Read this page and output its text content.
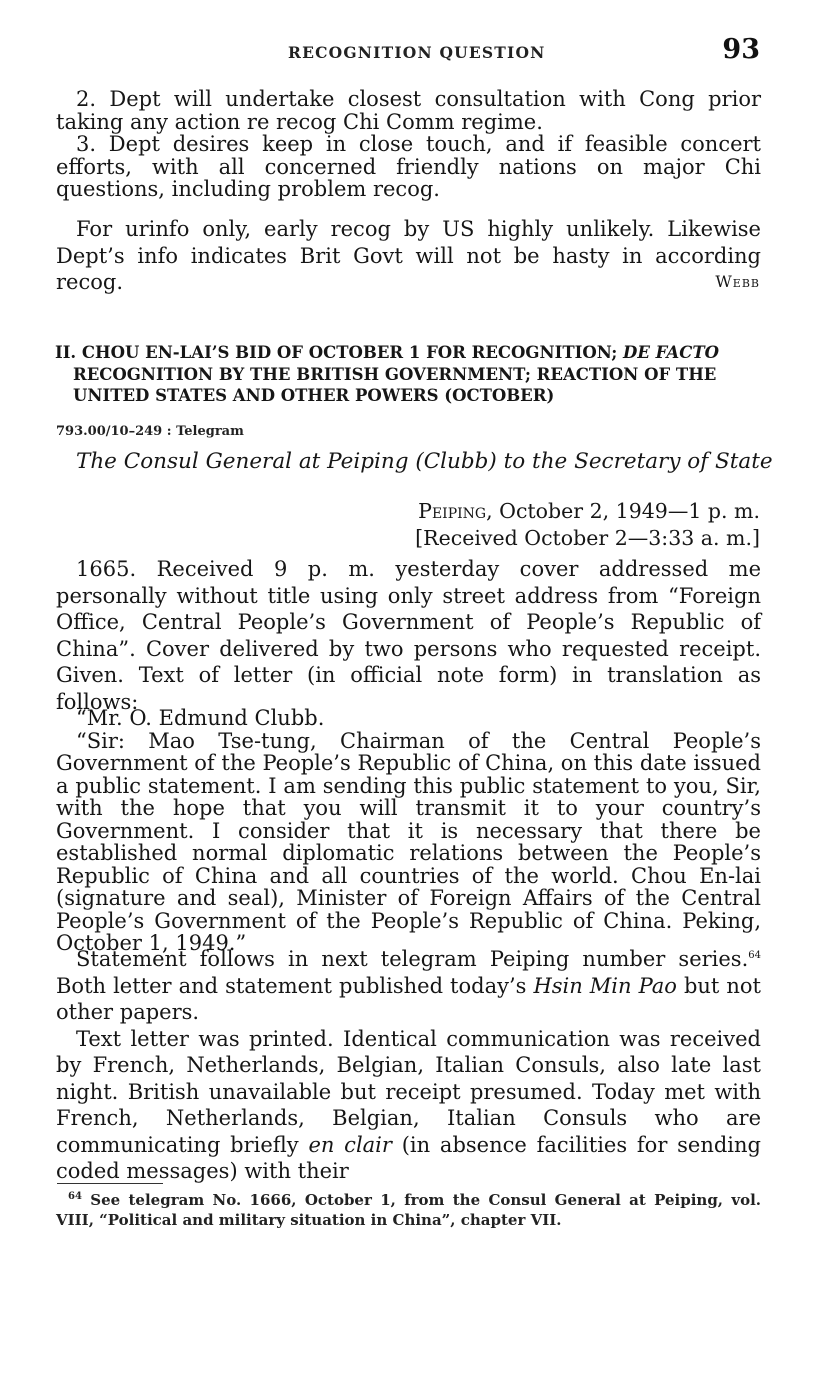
RECOGNITION QUESTION	93

2. Dept will undertake closest consultation with Cong prior taking any action re recog Chi Comm regime.

3. Dept desires keep in close touch, and if feasible concert efforts, with all concerned friendly nations on major Chi questions, including problem recog.

For urinfo only, early recog by US highly unlikely. Likewise Dept’s info indicates Brit Govt will not be hasty in according recog.	Webb
II. CHOU EN-LAI’S BID OF OCTOBER 1 FOR RECOGNITION; DE FACTO
RECOGNITION BY THE BRITISH GOVERNMENT; REACTION OF THE
UNITED STATES AND OTHER POWERS (OCTOBER)
793.00/10–249 : Telegram
The Consul General at Peiping (Clubb) to the Secretary of State
Peiping, October 2, 1949—1 p. m.
[Received October 2—3:33 a. m.]

1665. Received 9 p. m. yesterday cover addressed me personally without title using only street address from “Foreign Office, Central People’s Government of People’s Republic of China”. Cover delivered by two persons who requested receipt. Given. Text of letter (in official note form) in translation as follows:

“Mr. O. Edmund Clubb.

“Sir: Mao Tse-tung, Chairman of the Central People’s Government of the People’s Republic of China, on this date issued a public statement. I am sending this public statement to you, Sir, with the hope that you will transmit it to your country’s Government. I consider that it is necessary that there be established normal diplomatic relations between the People’s Republic of China and all countries of the world. Chou En-lai (signature and seal), Minister of Foreign Affairs of the Central People’s Government of the People’s Republic of China. Peking, October 1, 1949.”

Statement follows in next telegram Peiping number series.$^{64}$ Both letter and statement published today’s Hsin Min Pao but not other papers.

Text letter was printed. Identical communication was received by French, Netherlands, Belgian, Italian Consuls, also late last night. British unavailable but receipt presumed. Today met with French, Netherlands, Belgian, Italian Consuls who are communicating briefly en clair (in absence facilities for sending coded messages) with their

$^{64}$ See telegram No. 1666, October 1, from the Consul General at Peiping, vol. VIII, “Political and military situation in China”, chapter VII.
